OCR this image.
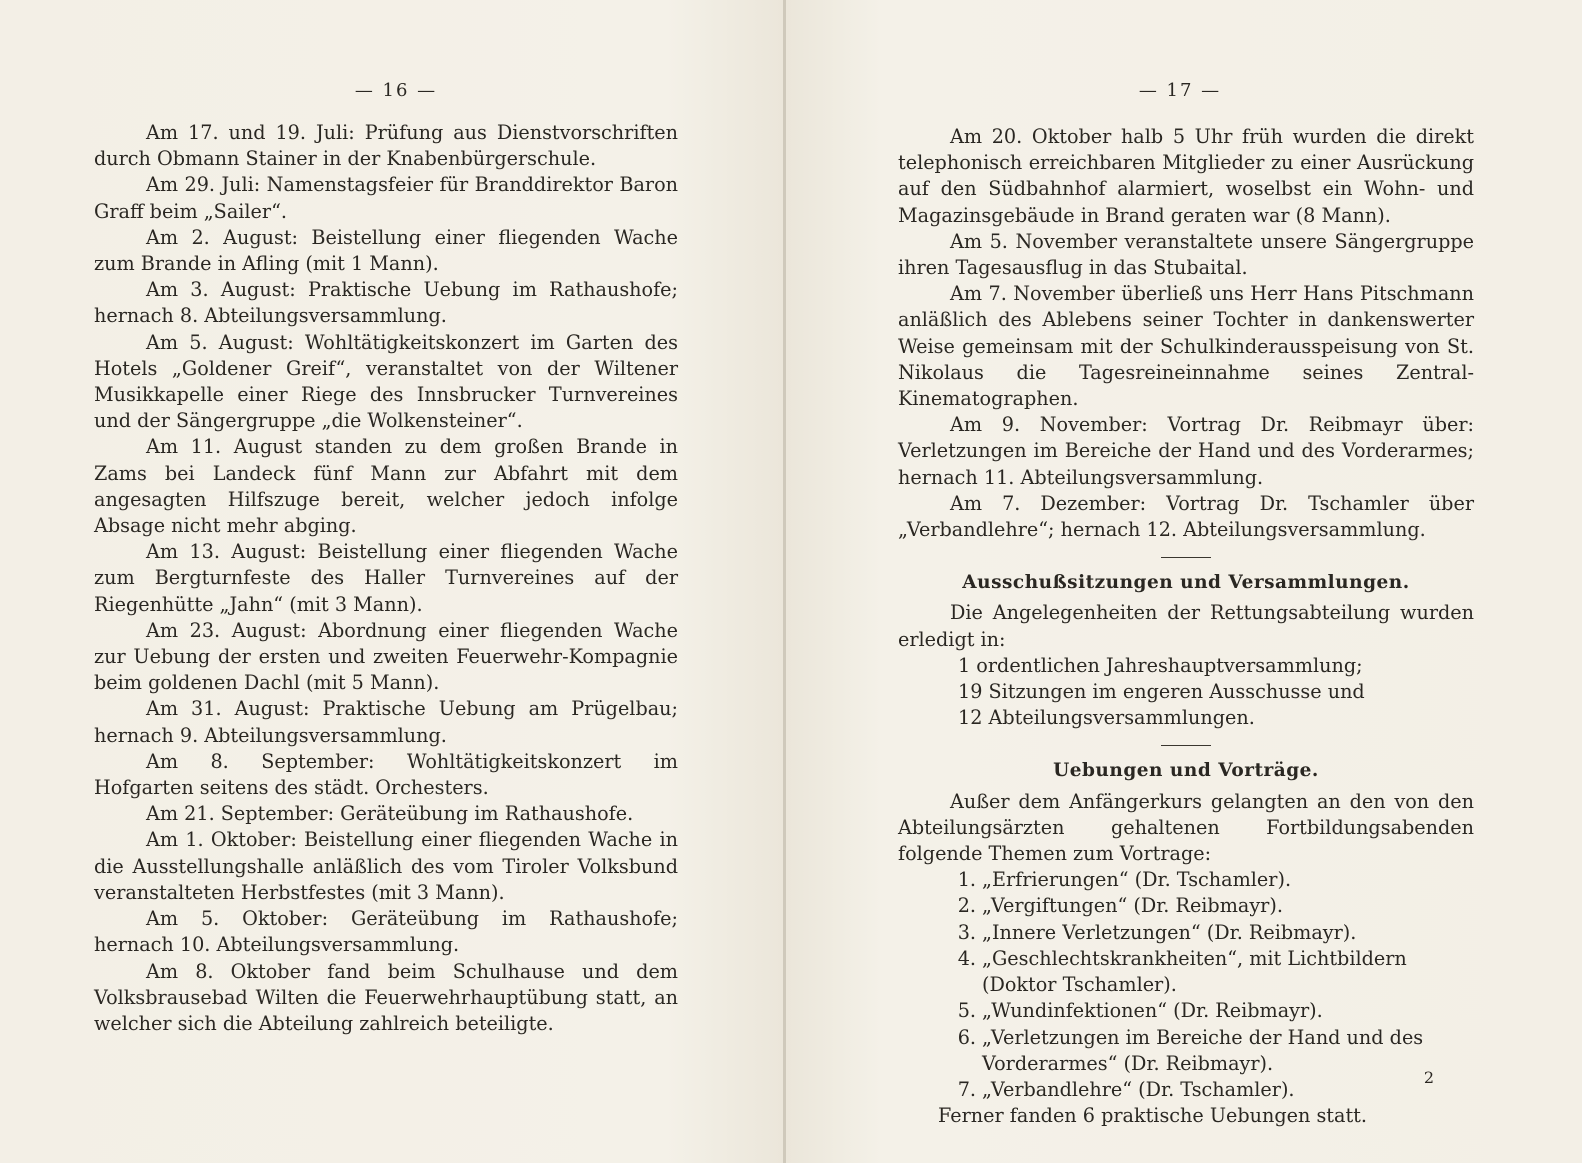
— 16 —

Am 17. und 19. Juli: Prüfung aus Dienstvorschriften durch Obmann Stainer in der Knabenbürgerschule.

Am 29. Juli: Namenstagsfeier für Branddirektor Baron Graff beim „Sailer“.

Am 2. August: Beistellung einer fliegenden Wache zum Brande in Afling (mit 1 Mann).

Am 3. August: Praktische Uebung im Rathaushofe; hernach 8. Abteilungsversammlung.

Am 5. August: Wohltätigkeitskonzert im Garten des Hotels „Goldener Greif“, veranstaltet von der Wiltener Musikkapelle einer Riege des Innsbrucker Turnvereines und der Sängergruppe „die Wolkensteiner“.

Am 11. August standen zu dem großen Brande in Zams bei Landeck fünf Mann zur Abfahrt mit dem angesagten Hilfszuge bereit, welcher jedoch infolge Absage nicht mehr abging.

Am 13. August: Beistellung einer fliegenden Wache zum Bergturnfeste des Haller Turnvereines auf der Riegenhütte „Jahn“ (mit 3 Mann).

Am 23. August: Abordnung einer fliegenden Wache zur Uebung der ersten und zweiten Feuerwehr-Kompagnie beim goldenen Dachl (mit 5 Mann).

Am 31. August: Praktische Uebung am Prügelbau; hernach 9. Abteilungsversammlung.

Am 8. September: Wohltätigkeitskonzert im Hofgarten seitens des städt. Orchesters.

Am 21. September: Geräteübung im Rathaushofe.

Am 1. Oktober: Beistellung einer fliegenden Wache in die Ausstellungshalle anläßlich des vom Tiroler Volksbund veranstalteten Herbstfestes (mit 3 Mann).

Am 5. Oktober: Geräteübung im Rathaushofe; hernach 10. Abteilungsversammlung.

Am 8. Oktober fand beim Schulhause und dem Volksbrausebad Wilten die Feuerwehrhauptübung statt, an welcher sich die Abteilung zahlreich beteiligte.

— 17 —

Am 20. Oktober halb 5 Uhr früh wurden die direkt telephonisch erreichbaren Mitglieder zu einer Ausrückung auf den Südbahnhof alarmiert, woselbst ein Wohn- und Magazinsgebäude in Brand geraten war (8 Mann).

Am 5. November veranstaltete unsere Sängergruppe ihren Tagesausflug in das Stubaital.

Am 7. November überließ uns Herr Hans Pitschmann anläßlich des Ablebens seiner Tochter in dankenswerter Weise gemeinsam mit der Schulkinderausspeisung von St. Nikolaus die Tagesreineinnahme seines Zentral-Kinematographen.

Am 9. November: Vortrag Dr. Reibmayr über: Verletzungen im Bereiche der Hand und des Vorderarmes; hernach 11. Abteilungsversammlung.

Am 7. Dezember: Vortrag Dr. Tschamler über „Verbandlehre“; hernach 12. Abteilungsversammlung.

Ausschußsitzungen und Versammlungen.

Die Angelegenheiten der Rettungsabteilung wurden erledigt in:

1 ordentlichen Jahreshauptversammlung;
19 Sitzungen im engeren Ausschusse und
12 Abteilungsversammlungen.
Uebungen und Vorträge.

Außer dem Anfängerkurs gelangten an den von den Abteilungsärzten gehaltenen Fortbildungsabenden folgende Themen zum Vortrage:

1. „Erfrierungen“ (Dr. Tschamler).
2. „Vergiftungen“ (Dr. Reibmayr).
3. „Innere Verletzungen“ (Dr. Reibmayr).
4. „Geschlechtskrankheiten“, mit Lichtbildern (Doktor Tschamler).
5. „Wundinfektionen“ (Dr. Reibmayr).
6. „Verletzungen im Bereiche der Hand und des Vorderarmes“ (Dr. Reibmayr).
7. „Verbandlehre“ (Dr. Tschamler).

Ferner fanden 6 praktische Uebungen statt.

2
